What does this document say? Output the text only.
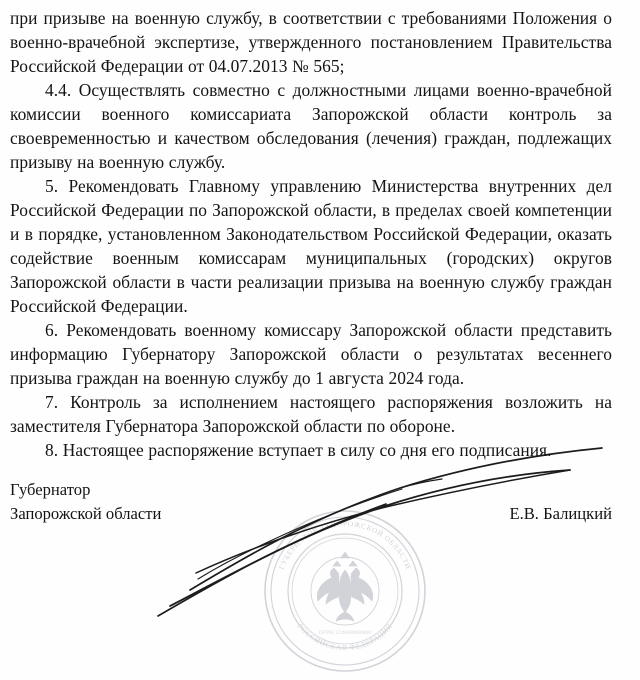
при призыве на военную службу, в соответствии с требованиями Положения о военно-врачебной экспертизе, утвержденного постановлением Правительства Российской Федерации от 04.07.2013 № 565;

4.4. Осуществлять совместно с должностными лицами военно-врачебной комиссии военного комиссариата Запорожской области контроль за своевременностью и качеством обследования (лечения) граждан, подлежащих призыву на военную службу.

5. Рекомендовать Главному управлению Министерства внутренних дел Российской Федерации по Запорожской области, в пределах своей компетенции и в порядке, установленном Законодательством Российской Федерации, оказать содействие военным комиссарам муниципальных (городских) округов Запорожской области в части реализации призыва на военную службу граждан Российской Федерации.

6. Рекомендовать военному комиссару Запорожской области представить информацию Губернатору Запорожской области о результатах весеннего призыва граждан на военную службу до 1 августа 2024 года.

7. Контроль за исполнением настоящего распоряжения возложить на заместителя Губернатора Запорожской области по обороне.

8. Настоящее распоряжение вступает в силу со дня его подписания.

ГУБЕРНАТОР ЗАПОРОЖСКОЙ ОБЛАСТИ
РОССИЙСКАЯ ФЕДЕРАЦИЯ
ОГРН 1239000000000
Губернатор
Запорожской области	Е.В. Балицкий
